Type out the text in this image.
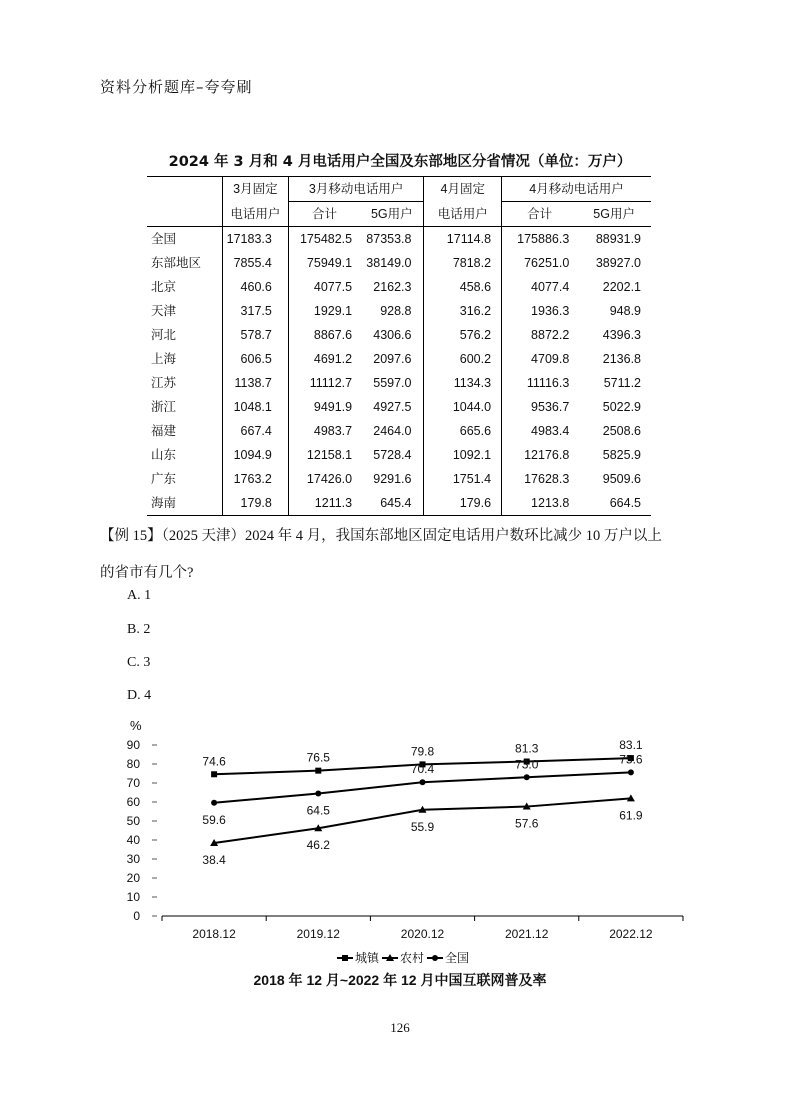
资料分析题库–夸夸刷
2024 年 3 月和 4 月电话用户全国及东部地区分省情况（单位：万户）
	3月固定	3月移动电话用户		4月固定	4月移动电话用户	
	电话用户	合计	5G用户	电话用户	合计	5G用户
全国	17183.3	175482.5	87353.8	17114.8	175886.3	88931.9
东部地区	7855.4	75949.1	38149.0	7818.2	76251.0	38927.0
北京	460.6	4077.5	2162.3	458.6	4077.4	2202.1
天津	317.5	1929.1	928.8	316.2	1936.3	948.9
河北	578.7	8867.6	4306.6	576.2	8872.2	4396.3
上海	606.5	4691.2	2097.6	600.2	4709.8	2136.8
江苏	1138.7	11112.7	5597.0	1134.3	11116.3	5711.2
浙江	1048.1	9491.9	4927.5	1044.0	9536.7	5022.9
福建	667.4	4983.7	2464.0	665.6	4983.4	2508.6
山东	1094.9	12158.1	5728.4	1092.1	12176.8	5825.9
广东	1763.2	17426.0	9291.6	1751.4	17628.3	9509.6
海南	179.8	1211.3	645.4	179.6	1213.8	664.5
【例 15】（2025 天津）2024 年 4 月，我国东部地区固定电话用户数环比减少 10 万户以上
的省市有几个?
A. 1
B. 2
C. 3
D. 4
%
0
10
20
30
40
50
60
70
80
90
2018.12	2019.12	2020.12	2021.12	2022.12
74.6	76.5	79.8	81.3	83.1
38.4
46.2
55.9	57.6
61.9
59.6
64.5
70.4	73.0	75.6
城镇 农村 全国
2018 年 12 月~2022 年 12 月中国互联网普及率
126
